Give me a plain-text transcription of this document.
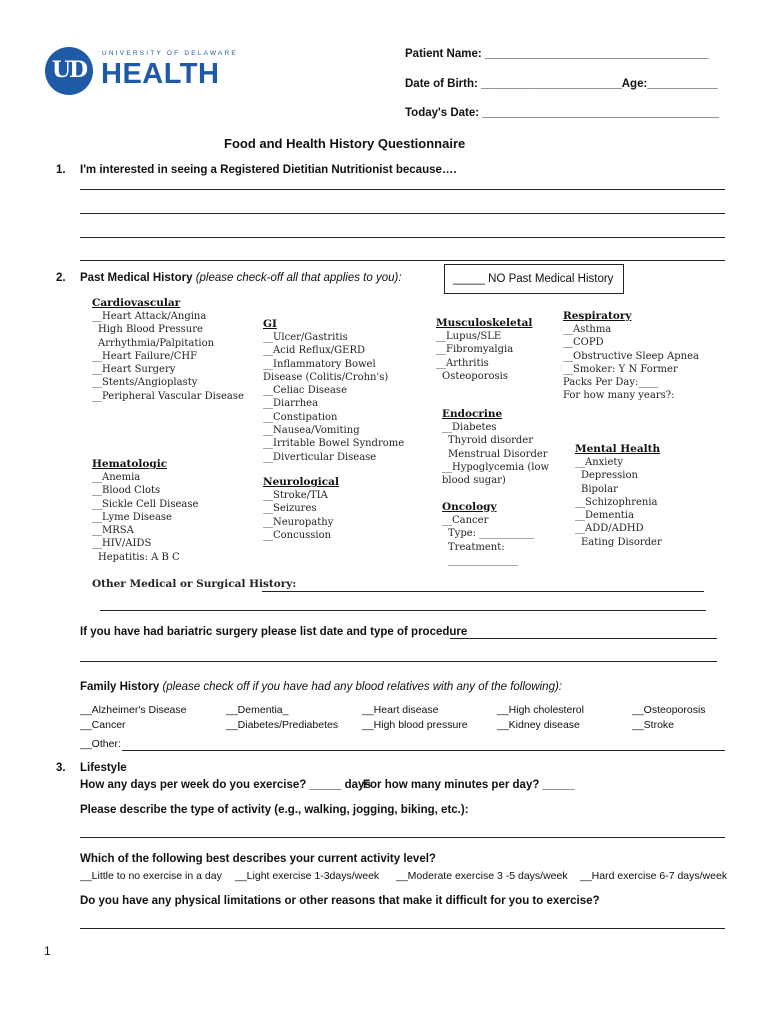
UD
UNIVERSITY OF DELAWARE
HEALTH
Patient Name: ___________________________________
Date of Birth: ______________________Age:___________
Today's Date: _____________________________________
Food and Health History Questionnaire
1. I'm interested in seeing a Registered Dietitian Nutritionist because….
2. Past Medical History (please check-off all that applies to you):	_____ NO Past Medical History
Cardiovascular
__Heart Attack/Angina
High Blood Pressure
Arrhythmia/Palpitation
__Heart Failure/CHF
__Heart Surgery
__Stents/Angioplasty
__Peripheral Vascular Disease
GI
__Ulcer/Gastritis
__Acid Reflux/GERD
__Inflammatory Bowel
Disease (Colitis/Crohn's)
__Celiac Disease
__Diarrhea
__Constipation
__Nausea/Vomiting
__Irritable Bowel Syndrome
__Diverticular Disease
Musculoskeletal
__Lupus/SLE
__Fibromyalgia
__Arthritis
Osteoporosis
Respiratory
__Asthma
__COPD
__Obstructive Sleep Apnea
__Smoker: Y N Former
Packs Per Day:____
For how many years?:
Endocrine
__Diabetes
Thyroid disorder
Menstrual Disorder
__Hypoglycemia (low
blood sugar)
Mental Health
__Anxiety
Depression
Bipolar
__Schizophrenia
__Dementia
__ADD/ADHD
Eating Disorder
Hematologic
__Anemia
__Blood Clots
__Sickle Cell Disease
__Lyme Disease
__MRSA
__HIV/AIDS
Hepatitis: A B C
Neurological
__Stroke/TIA
__Seizures
__Neuropathy
__Concussion
Oncology
__Cancer
Type: ___________
Treatment:
______________
Other Medical or Surgical History:
If you have had bariatric surgery please list date and type of procedure
Family History (please check off if you have had any blood relatives with any of the following):
__Alzheimer's Disease	__Dementia_	__Heart disease	__High cholesterol	__Osteoporosis
__Cancer	__Diabetes/Prediabetes __High blood pressure	__Kidney disease	__Stroke
__Other:
3. Lifestyle
How any days per week do you exercise? _____ days
For how many minutes per day? _____
Please describe the type of activity (e.g., walking, jogging, biking, etc.):
Which of the following best describes your current activity level?
__Little to no exercise in a day __Light exercise 1-3days/week __Moderate exercise 3 -5 days/week __Hard exercise 6-7 days/week
Do you have any physical limitations or other reasons that make it difficult for you to exercise?
1
